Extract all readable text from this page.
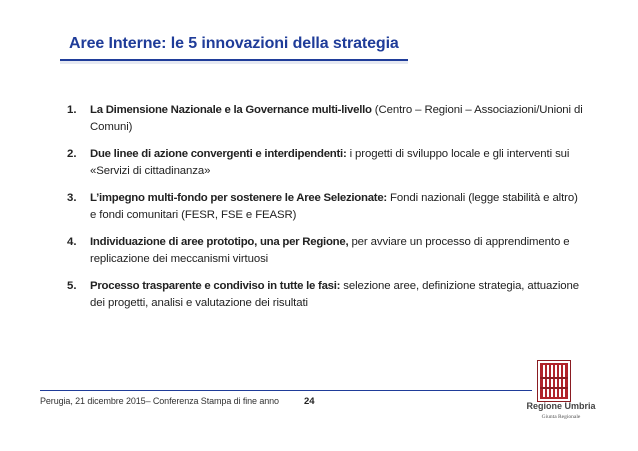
Aree Interne: le 5 innovazioni della strategia
1.	La Dimensione Nazionale e la Governance multi-livello (Centro – Regioni – Associazioni/Unioni di Comuni)
2.	Due linee di azione convergenti e interdipendenti: i progetti di sviluppo locale e gli interventi sui «Servizi di cittadinanza»
3.	L’impegno multi-fondo per sostenere le Aree Selezionate: Fondi nazionali (legge stabilità e altro) e fondi comunitari (FESR, FSE e FEASR)
4.	Individuazione di aree prototipo, una per Regione, per avviare un processo di apprendimento e replicazione dei meccanismi virtuosi
5.	Processo trasparente e condiviso in tutte le fasi: selezione aree, definizione strategia, attuazione dei progetti, analisi e valutazione dei risultati
Perugia, 21 dicembre 2015– Conferenza Stampa di fine anno	24	Regione Umbria
Giunta Regionale
